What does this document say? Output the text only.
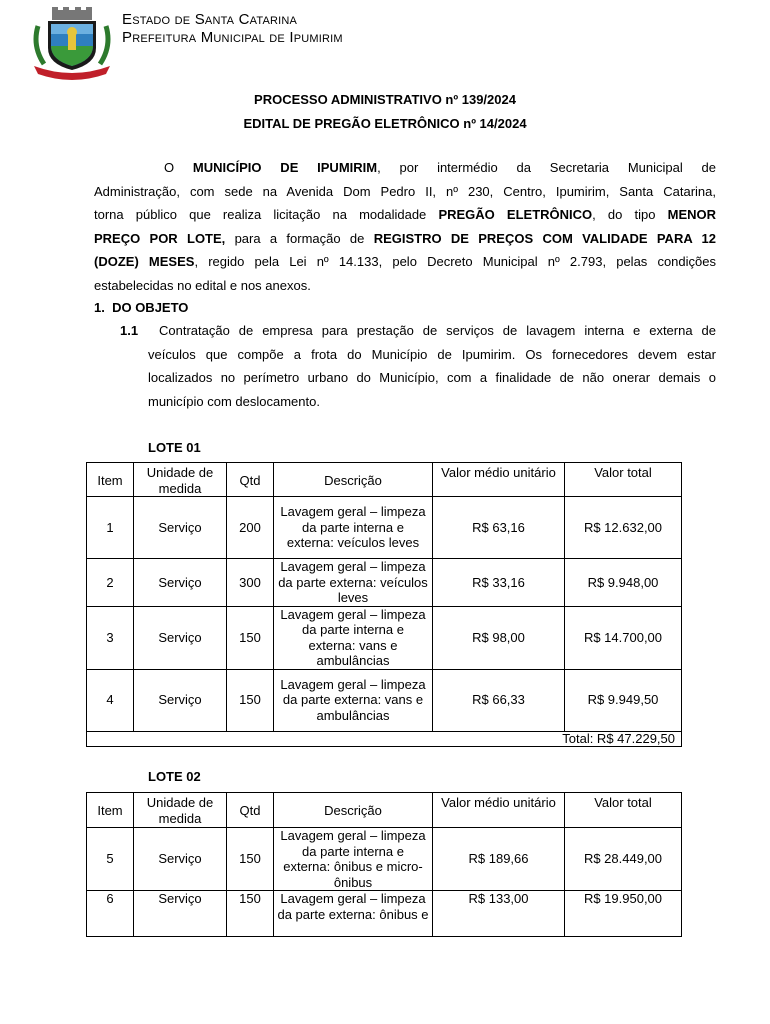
Estado de Santa Catarina
Prefeitura Municipal de Ipumirim
PROCESSO ADMINISTRATIVO nº 139/2024
EDITAL DE PREGÃO ELETRÔNICO nº 14/2024
O MUNICÍPIO DE IPUMIRIM, por intermédio da Secretaria Municipal de
Administração, com sede na Avenida Dom Pedro II, nº 230, Centro, Ipumirim, Santa Catarina,
torna público que realiza licitação na modalidade PREGÃO ELETRÔNICO, do tipo MENOR
PREÇO POR LOTE, para a formação de REGISTRO DE PREÇOS COM VALIDADE PARA 12
(DOZE) MESES, regido pela Lei nº 14.133, pelo Decreto Municipal nº 2.793, pelas condições
estabelecidas no edital e nos anexos.
1. DO OBJETO
1.1	Contratação de empresa para prestação de serviços de lavagem interna e externa de
veículos que compõe a frota do Município de Ipumirim. Os fornecedores devem estar
localizados no perímetro urbano do Município, com a finalidade de não onerar demais o
município com deslocamento.
LOTE 01
Item	Unidade de medida	Qtd	Descrição	Valor médio unitário	Valor total
1	Serviço	200	Lavagem geral – limpeza da parte interna e externa: veículos leves	R$ 63,16	R$ 12.632,00
2	Serviço	300	Lavagem geral – limpeza da parte externa: veículos leves	R$ 33,16	R$ 9.948,00
3	Serviço	150	Lavagem geral – limpeza da parte interna e externa: vans e ambulâncias	R$ 98,00	R$ 14.700,00
4	Serviço	150	Lavagem geral – limpeza da parte externa: vans e ambulâncias	R$ 66,33	R$ 9.949,50
Total: R$ 47.229,50					
LOTE 02
Item	Unidade de medida	Qtd	Descrição	Valor médio unitário	Valor total
5	Serviço	150	Lavagem geral – limpeza da parte interna e externa: ônibus e micro-ônibus	R$ 189,66	R$ 28.449,00
6	Serviço	150	Lavagem geral – limpeza da parte externa: ônibus e	R$ 133,00	R$ 19.950,00
